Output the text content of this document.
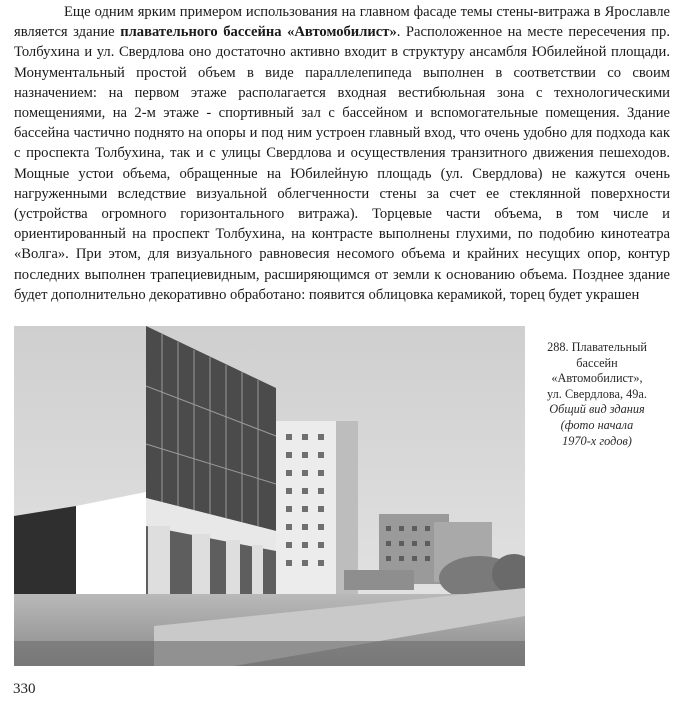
Еще одним ярким примером использования на главном фасаде темы стены-витража в Ярославле является здание плавательного бассейна «Автомобилист». Расположенное на месте пересечения пр. Толбухина и ул. Свердлова оно достаточно активно входит в структуру ансамбля Юбилейной площади. Монументальный простой объем в виде параллелепипеда выполнен в соответствии со своим назначением: на первом этаже располагается входная вестибюльная зона с технологическими помещениями, на 2-м этаже - спортивный зал с бассейном и вспомогательные помещения. Здание бассейна частично поднято на опоры и под ним устроен главный вход, что очень удобно для подхода как с проспекта Толбухина, так и с улицы Свердлова и осуществления транзитного движения пешеходов. Мощные устои объема, обращенные на Юбилейную площадь (ул. Свердлова) не кажутся очень нагруженными вследствие визуальной облегченности стены за счет ее стеклянной поверхности (устройства огромного горизонтального витража). Торцевые части объема, в том числе и ориентированный на проспект Толбухина, на контрасте выполнены глухими, по подобию кинотеатра «Волга». При этом, для визуального равновесия несомого объема и крайних несущих опор, контур последних выполнен трапециевидным, расширяющимся от земли к основанию объема. Позднее здание будет дополнительно декоративно обработано: появится облицовка керамикой, торец будет украшен

288. Плавательный
бассейн
«Автомобилист»,
ул. Свердлова, 49а.
Общий вид здания
(фото начала
1970-х годов)
330
